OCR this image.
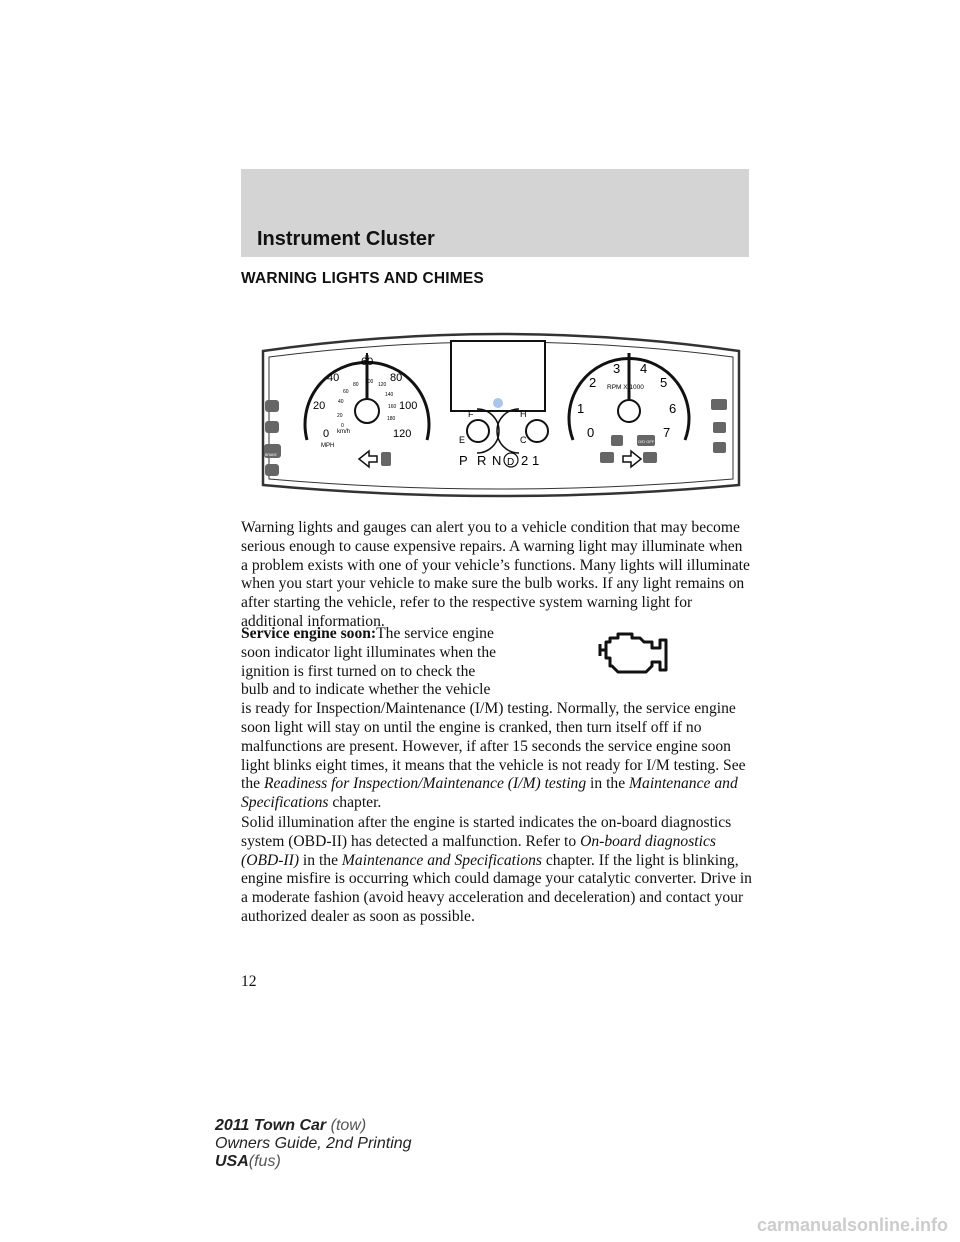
Instrument Cluster
WARNING LIGHTS AND CHIMES
0
20
40
60
80
100
120
0
20
40
60
80 100 120
140
160
180
km/h
MPH
BRAKE
F
E
H
C
P R N D 2 1
0
1
2
3 4
5
6
7
RPM X 1000
O/D OFF

Warning lights and gauges can alert you to a vehicle condition that may become serious enough to cause expensive repairs. A warning light may illuminate when a problem exists with one of your vehicle’s functions. Many lights will illuminate when you start your vehicle to make sure the bulb works. If any light remains on after starting the vehicle, refer to the respective system warning light for additional information.

Service engine soon:The service engine soon indicator light illuminates when the ignition is first turned on to check the bulb and to indicate whether the vehicle is ready for Inspection/Maintenance (I/M) testing. Normally, the service engine soon light will stay on until the engine is cranked, then turn itself off if no malfunctions are present. However, if after 15 seconds the service engine soon light blinks eight times, it means that the vehicle is not ready for I/M testing. See the Readiness for Inspection/Maintenance (I/M) testing in the Maintenance and Specifications chapter.

Solid illumination after the engine is started indicates the on-board diagnostics system (OBD-II) has detected a malfunction. Refer to On-board diagnostics (OBD-II) in the Maintenance and Specifications chapter. If the light is blinking, engine misfire is occurring which could damage your catalytic converter. Drive in a moderate fashion (avoid heavy acceleration and deceleration) and contact your authorized dealer as soon as possible.

12
2011 Town Car (tow)
Owners Guide, 2nd Printing
USA(fus)
carmanualsonline.info
